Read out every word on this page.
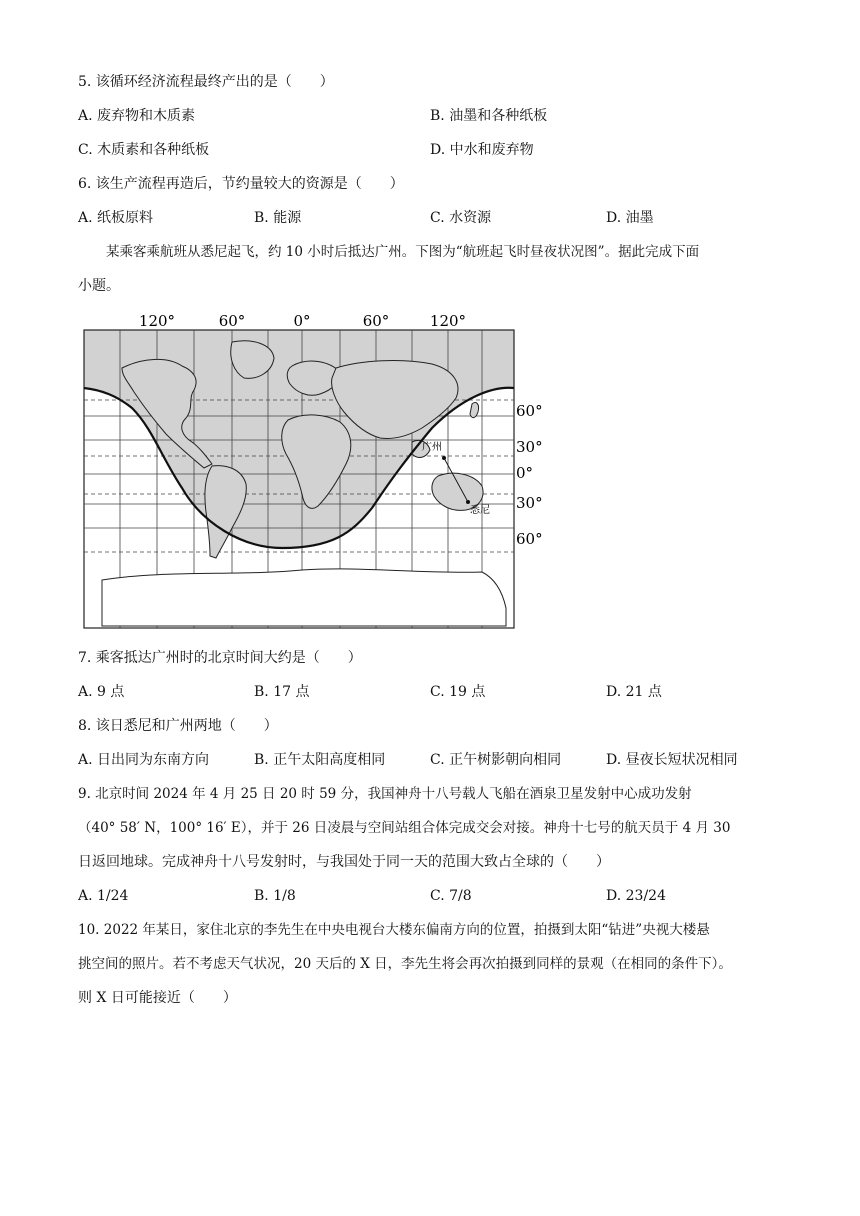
5. 该循环经济流程最终产出的是（　　）
A. 废弃物和木质素	B. 油墨和各种纸板
C. 木质素和各种纸板	D. 中水和废弃物
6. 该生产流程再造后，节约量较大的资源是（　　）
A. 纸板原料	B. 能源	C. 水资源	D. 油墨
某乘客乘航班从悉尼起飞，约 10 小时后抵达广州。下图为“航班起飞时昼夜状况图”。据此完成下面
小题。
120°	60°	0°	60°	120°
广州
悉尼
60°
30°
0°
30°
60°
7. 乘客抵达广州时的北京时间大约是（　　）
A. 9 点	B. 17 点	C. 19 点	D. 21 点
8. 该日悉尼和广州两地（　　）
A. 日出同为东南方向	B. 正午太阳高度相同	C. 正午树影朝向相同	D. 昼夜长短状况相同
9. 北京时间 2024 年 4 月 25 日 20 时 59 分，我国神舟十八号载人飞船在酒泉卫星发射中心成功发射
（40° 58′ N，100° 16′ E），并于 26 日凌晨与空间站组合体完成交会对接。神舟十七号的航天员于 4 月 30
日返回地球。完成神舟十八号发射时，与我国处于同一天的范围大致占全球的（　　）
A. 1/24	B. 1/8	C. 7/8	D. 23/24
10. 2022 年某日，家住北京的李先生在中央电视台大楼东偏南方向的位置，拍摄到太阳“钻进”央视大楼悬
挑空间的照片。若不考虑天气状况，20 天后的 X 日，李先生将会再次拍摄到同样的景观（在相同的条件下）。
则 X 日可能接近（　　）
